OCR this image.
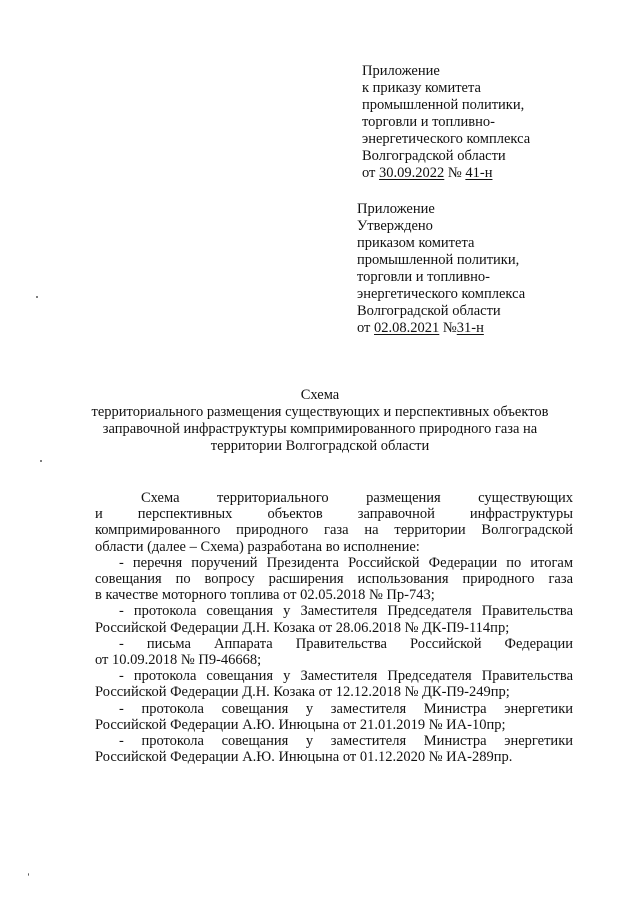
Приложение
к приказу комитета
промышленной политики,
торговли и топливно-
энергетического комплекса
Волгоградской области
от 30.09.2022 № 41-н
Приложение
Утверждено
приказом комитета
промышленной политики,
торговли и топливно-
энергетического комплекса
Волгоградской области
от 02.08.2021 №31-н
Схема
территориального размещения существующих и перспективных объектов
заправочной инфраструктуры компримированного природного газа на
территории Волгоградской области
Схема территориального размещения существующих
и перспективных объектов заправочной инфраструктуры
компримированного природного газа на территории Волгоградской
области (далее – Схема) разработана во исполнение:
- перечня поручений Президента Российской Федерации по итогам
совещания по вопросу расширения использования природного газа
в качестве моторного топлива от 02.05.2018 № Пр-743;
- протокола совещания у Заместителя Председателя Правительства
Российской Федерации Д.Н. Козака от 28.06.2018 № ДК-П9-114пр;
- письма Аппарата Правительства Российской Федерации
от 10.09.2018 № П9-46668;
- протокола совещания у Заместителя Председателя Правительства
Российской Федерации Д.Н. Козака от 12.12.2018 № ДК-П9-249пр;
- протокола совещания у заместителя Министра энергетики
Российской Федерации А.Ю. Инюцына от 21.01.2019 № ИА-10пр;
- протокола совещания у заместителя Министра энергетики
Российской Федерации А.Ю. Инюцына от 01.12.2020 № ИА-289пр.
